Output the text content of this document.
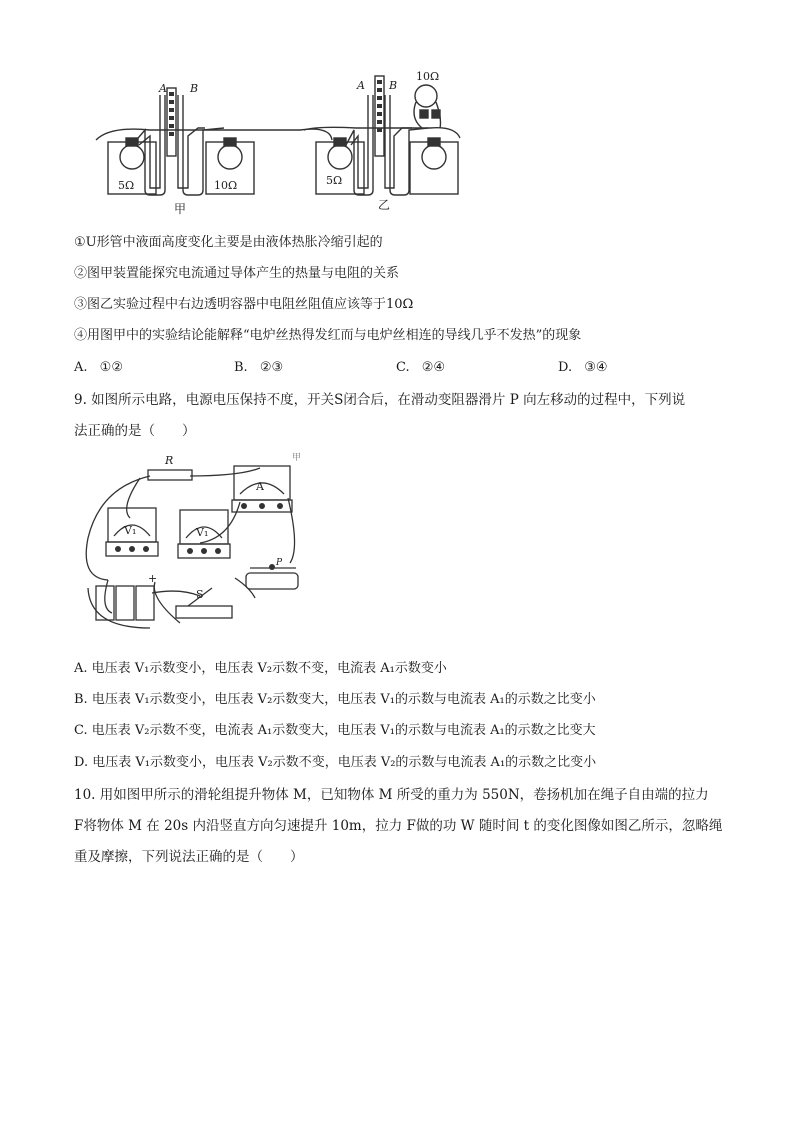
A B
5Ω	10Ω
甲
A B
5Ω
10Ω
乙
①U形管中液面高度变化主要是由液体热胀冷缩引起的
②图甲装置能探究电流通过导体产生的热量与电阻的关系
③图乙实验过程中右边透明容器中电阻丝阻值应该等于10Ω
④用图甲中的实验结论能解释“电炉丝热得发红而与电炉丝相连的导线几乎不发热”的现象
A. ①②	B. ②③	C. ②④	D. ③④
9. 如图所示电路，电源电压保持不度，开关S闭合后，在滑动变阻器滑片 P 向左移动的过程中，下列说
法正确的是（　　）
R
A
V₁	V₁
S
P
+
甲
A. 电压表 V₁示数变小，电压表 V₂示数不变，电流表 A₁示数变小
B. 电压表 V₁示数变小，电压表 V₂示数变大，电压表 V₁的示数与电流表 A₁的示数之比变小
C. 电压表 V₂示数不变，电流表 A₁示数变大，电压表 V₁的示数与电流表 A₁的示数之比变大
D. 电压表 V₁示数变小，电压表 V₂示数不变，电压表 V₂的示数与电流表 A₁的示数之比变小
10. 用如图甲所示的滑轮组提升物体 M，已知物体 M 所受的重力为 550N，卷扬机加在绳子自由端的拉力
F将物体 M 在 20s 内沿竖直方向匀速提升 10m，拉力 F做的功 W 随时间 t 的变化图像如图乙所示，忽略绳
重及摩擦，下列说法正确的是（　　）
